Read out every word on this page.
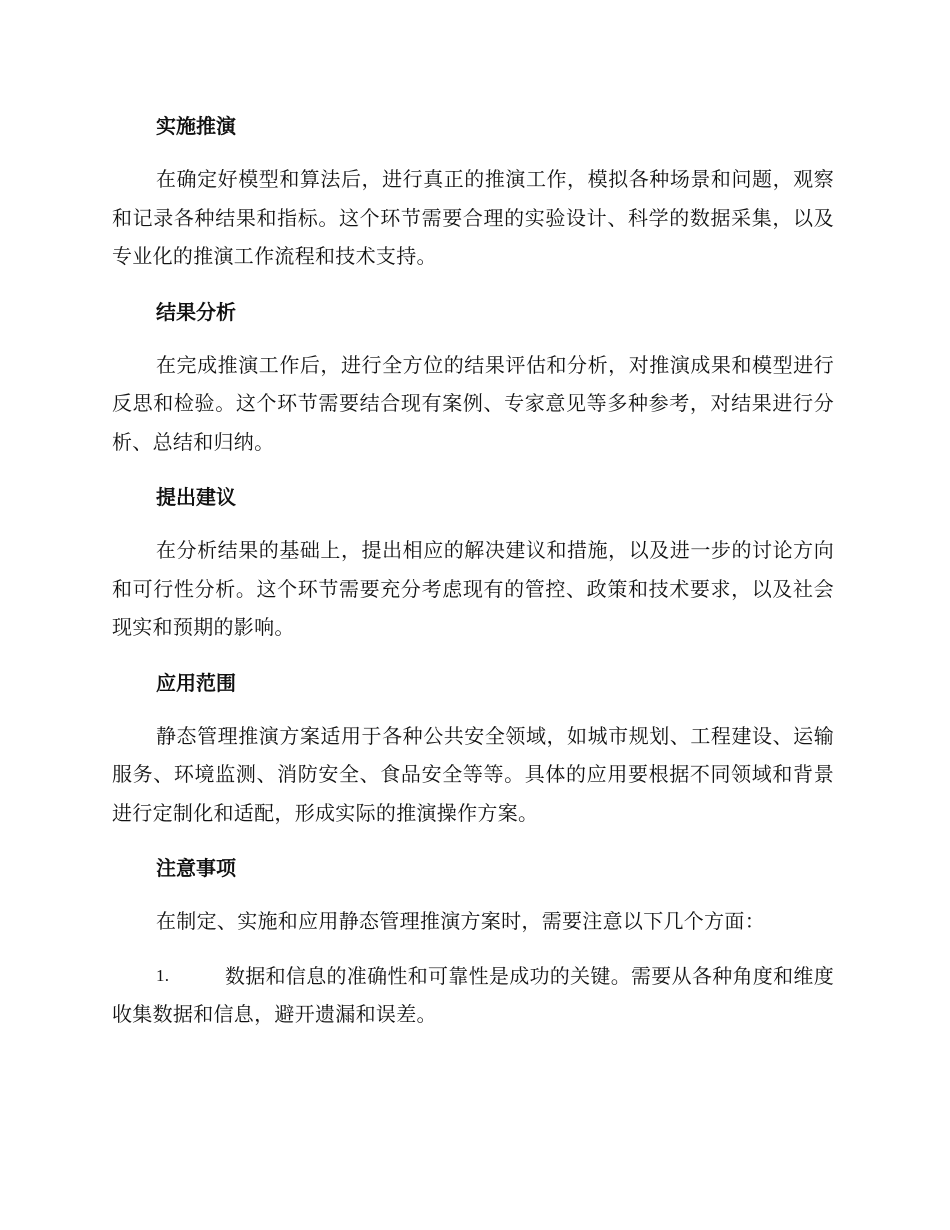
实施推演

在确定好模型和算法后，进行真正的推演工作，模拟各种场景和问题，观察和记录各种结果和指标。这个环节需要合理的实验设计、科学的数据采集，以及专业化的推演工作流程和技术支持。

结果分析

在完成推演工作后，进行全方位的结果评估和分析，对推演成果和模型进行反思和检验。这个环节需要结合现有案例、专家意见等多种参考，对结果进行分析、总结和归纳。

提出建议

在分析结果的基础上，提出相应的解决建议和措施，以及进一步的讨论方向和可行性分析。这个环节需要充分考虑现有的管控、政策和技术要求，以及社会现实和预期的影响。

应用范围

静态管理推演方案适用于各种公共安全领域，如城市规划、工程建设、运输服务、环境监测、消防安全、食品安全等等。具体的应用要根据不同领域和背景进行定制化和适配，形成实际的推演操作方案。

注意事项

在制定、实施和应用静态管理推演方案时，需要注意以下几个方面：

1.	数据和信息的准确性和可靠性是成功的关键。需要从各种角度和维度收集数据和信息，避开遗漏和误差。
